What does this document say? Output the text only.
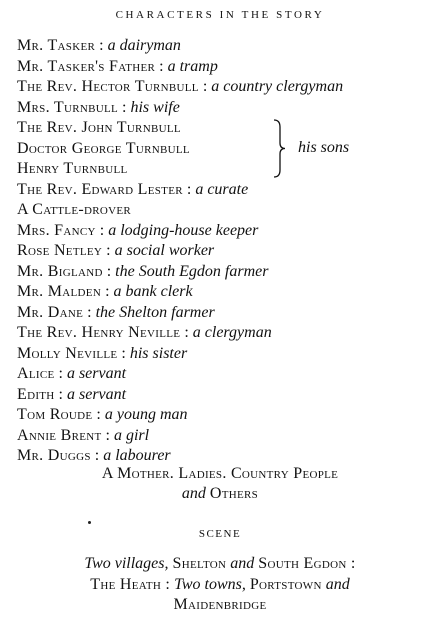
CHARACTERS IN THE STORY
Mr. Tasker : a dairyman
Mr. Tasker's Father : a tramp
The Rev. Hector Turnbull : a country clergyman
Mrs. Turnbull : his wife
The Rev. John Turnbull
Doctor George Turnbull
Henry Turnbull
his sons
The Rev. Edward Lester : a curate
A Cattle-drover
Mrs. Fancy : a lodging-house keeper
Rose Netley : a social worker
Mr. Bigland : the South Egdon farmer
Mr. Malden : a bank clerk
Mr. Dane : the Shelton farmer
The Rev. Henry Neville : a clergyman
Molly Neville : his sister
Alice : a servant
Edith : a servant
Tom Roude : a young man
Annie Brent : a girl
Mr. Duggs : a labourer
A Mother. Ladies. Country People
and Others
SCENE
Two villages, Shelton and South Egdon :
The Heath : Two towns, Portstown and
Maidenbridge
